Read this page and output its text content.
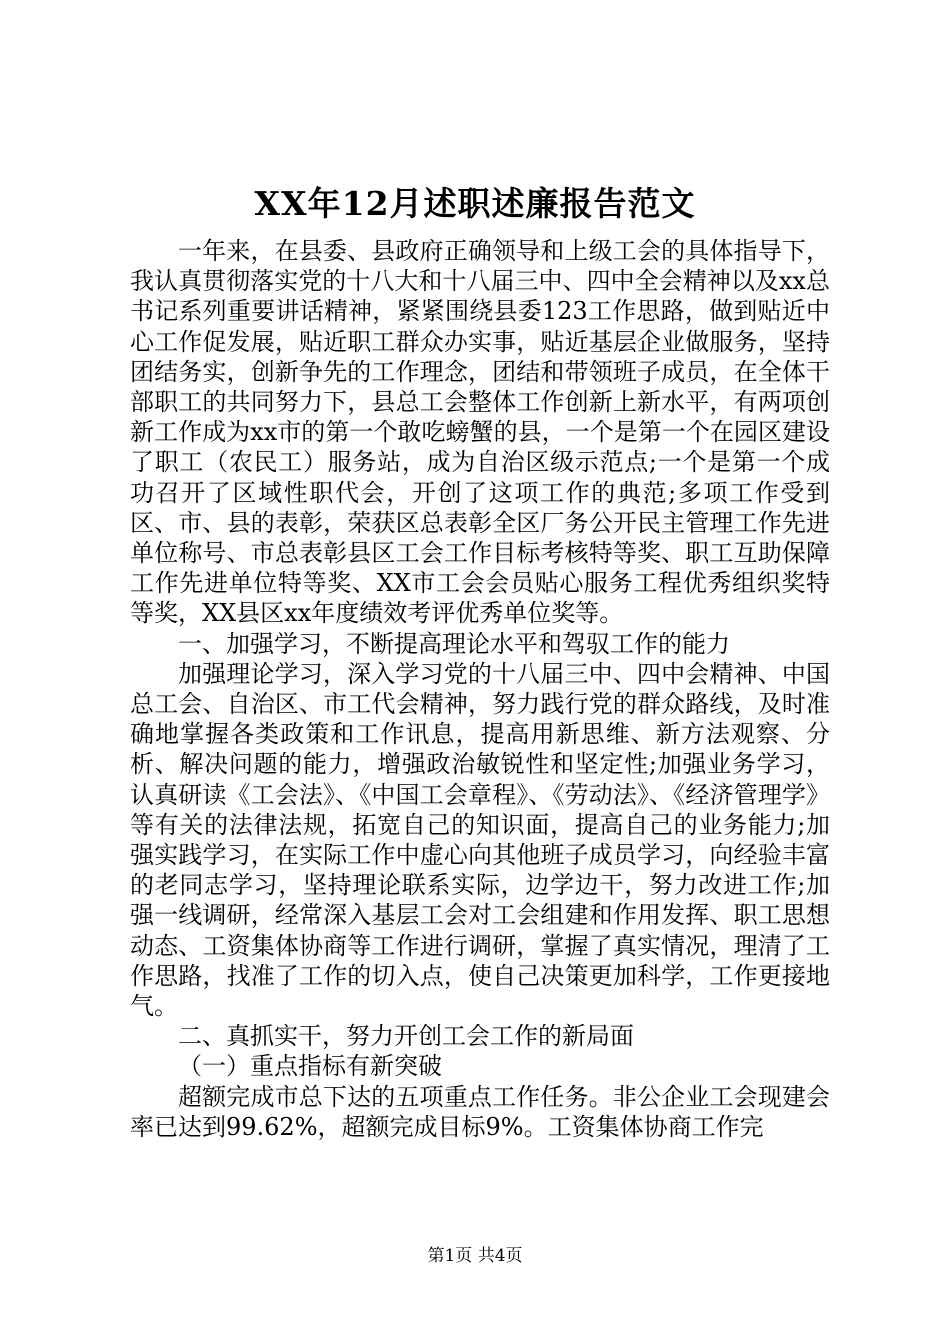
XX年12月述职述廉报告范文

一年来，在县委、县政府正确领导和上级工会的具体指导下，我认真贯彻落实党的十八大和十八届三中、四中全会精神以及xx总书记系列重要讲话精神，紧紧围绕县委123工作思路，做到贴近中心工作促发展，贴近职工群众办实事，贴近基层企业做服务，坚持团结务实，创新争先的工作理念，团结和带领班子成员，在全体干部职工的共同努力下，县总工会整体工作创新上新水平，有两项创新工作成为xx市的第一个敢吃螃蟹的县，一个是第一个在园区建设了职工（农民工）服务站，成为自治区级示范点;一个是第一个成功召开了区域性职代会，开创了这项工作的典范;多项工作受到区、市、县的表彰，荣获区总表彰全区厂务公开民主管理工作先进单位称号、市总表彰县区工会工作目标考核特等奖、职工互助保障工作先进单位特等奖、XX市工会会员贴心服务工程优秀组织奖特等奖，XX县区xx年度绩效考评优秀单位奖等。

一、加强学习，不断提高理论水平和驾驭工作的能力

加强理论学习，深入学习党的十八届三中、四中会精神、中国总工会、自治区、市工代会精神，努力践行党的群众路线，及时准确地掌握各类政策和工作讯息，提高用新思维、新方法观察、分析、解决问题的能力，增强政治敏锐性和坚定性;加强业务学习，认真研读《工会法》、《中国工会章程》、《劳动法》、《经济管理学》等有关的法律法规，拓宽自己的知识面，提高自己的业务能力;加强实践学习，在实际工作中虚心向其他班子成员学习，向经验丰富的老同志学习，坚持理论联系实际，边学边干，努力改进工作;加强一线调研，经常深入基层工会对工会组建和作用发挥、职工思想动态、工资集体协商等工作进行调研，掌握了真实情况，理清了工作思路，找准了工作的切入点，使自己决策更加科学，工作更接地气。

二、真抓实干，努力开创工会工作的新局面

（一）重点指标有新突破

超额完成市总下达的五项重点工作任务。非公企业工会现建会率已达到99.62%，超额完成目标9%。工资集体协商工作完

第1页 共4页
